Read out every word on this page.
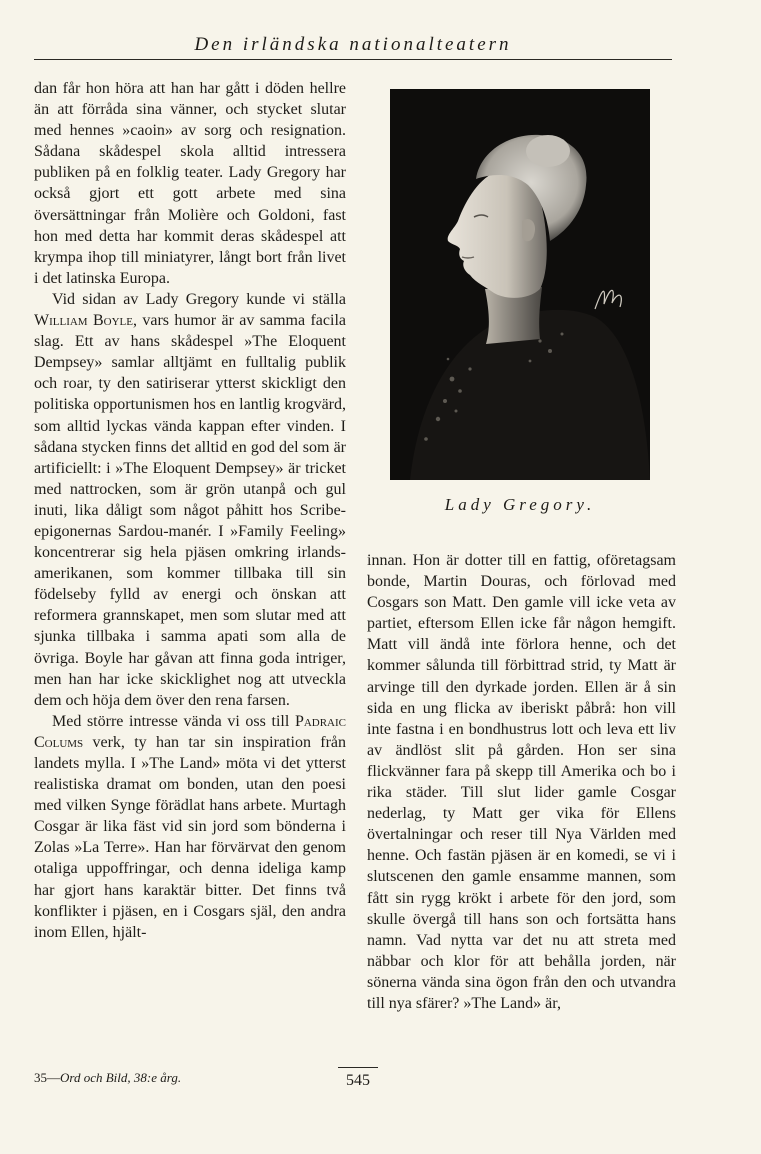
Den irländska nationalteatern

dan får hon höra att han har gått i döden hellre än att förråda sina vänner, och stycket slutar med hennes »caoin» av sorg och resignation. Sådana skådespel skola alltid intressera publiken på en folklig teater. Lady Gregory har också gjort ett gott arbete med sina översättningar från Molière och Goldoni, fast hon med detta har kommit deras skådespel att krympa ihop till miniatyrer, långt bort från livet i det latinska Europa.

Vid sidan av Lady Gregory kunde vi ställa William Boyle, vars humor är av samma facila slag. Ett av hans skådespel »The Eloquent Dempsey» samlar alltjämt en fulltalig publik och roar, ty den satiriserar ytterst skickligt den politiska opportunismen hos en lantlig krogvärd, som alltid lyckas vända kappan efter vinden. I sådana stycken finns det alltid en god del som är artificiellt: i »The Eloquent Dempsey» är tricket med nattrocken, som är grön utanpå och gul inuti, lika dåligt som något påhitt hos Scribe-epigonernas Sardou-manér. I »Family Feeling» koncentrerar sig hela pjäsen omkring irlands-amerikanen, som kommer tillbaka till sin födelseby fylld av energi och önskan att reformera grannskapet, men som slutar med att sjunka tillbaka i samma apati som alla de övriga. Boyle har gåvan att finna goda intriger, men han har icke skicklighet nog att utveckla dem och höja dem över den rena farsen.

Med större intresse vända vi oss till Padraic Colums verk, ty han tar sin inspiration från landets mylla. I »The Land» möta vi det ytterst realistiska dramat om bonden, utan den poesi med vilken Synge förädlat hans arbete. Murtagh Cosgar är lika fäst vid sin jord som bönderna i Zolas »La Terre». Han har förvärvat den genom otaliga uppoffringar, och denna ideliga kamp har gjort hans karaktär bitter. Det finns två konflikter i pjäsen, en i Cosgars själ, den andra inom Ellen, hjält-

Lady Gregory.

innan. Hon är dotter till en fattig, oföretagsam bonde, Martin Douras, och förlovad med Cosgars son Matt. Den gamle vill icke veta av partiet, eftersom Ellen icke får någon hemgift. Matt vill ändå inte förlora henne, och det kommer sålunda till förbittrad strid, ty Matt är arvinge till den dyrkade jorden. Ellen är å sin sida en ung flicka av iberiskt påbrå: hon vill inte fastna i en bondhustrus lott och leva ett liv av ändlöst slit på gården. Hon ser sina flickvänner fara på skepp till Amerika och bo i rika städer. Till slut lider gamle Cosgar nederlag, ty Matt ger vika för Ellens övertalningar och reser till Nya Världen med henne. Och fastän pjäsen är en komedi, se vi i slutscenen den gamle ensamme mannen, som fått sin rygg krökt i arbete för den jord, som skulle övergå till hans son och fortsätta hans namn. Vad nytta var det nu att streta med näbbar och klor för att behålla jorden, när sönerna vända sina ögon från den och utvandra till nya sfärer? »The Land» är,

35—Ord och Bild, 38:e årg.	545
